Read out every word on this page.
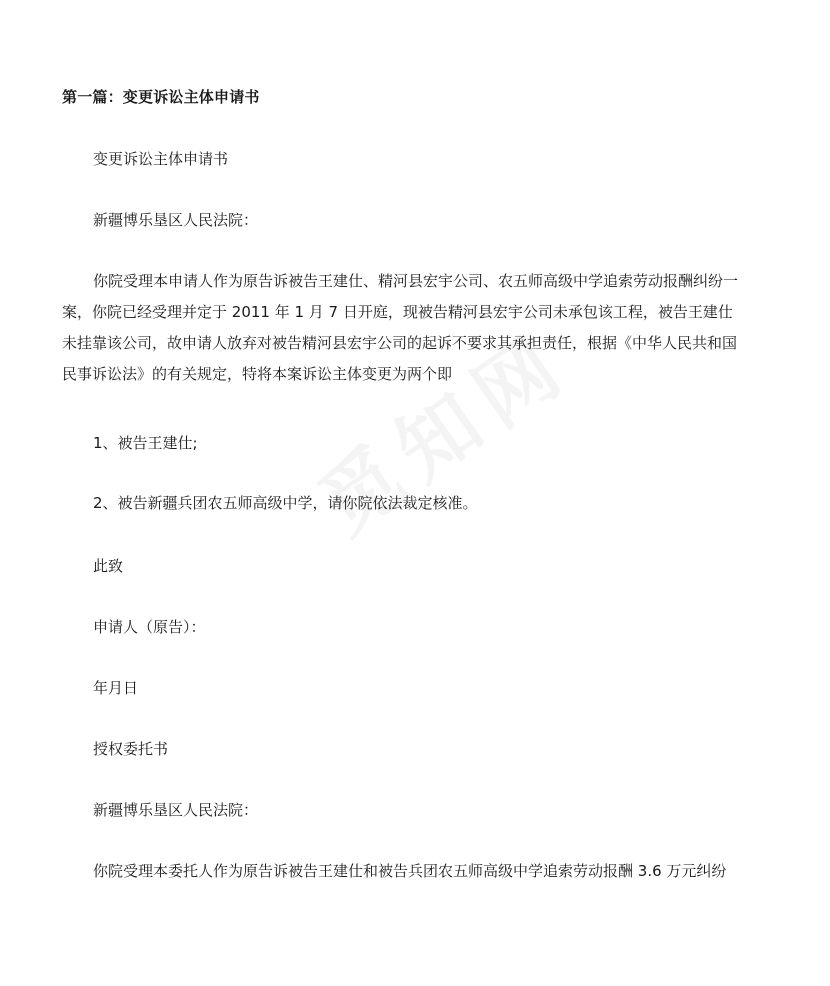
第一篇：变更诉讼主体申请书
变更诉讼主体申请书
新疆博乐垦区人民法院：
你院受理本申请人作为原告诉被告王建仕、精河县宏宇公司、农五师高级中学追索劳动报酬纠纷一
案，你院已经受理并定于 2011 年 1 月 7 日开庭，现被告精河县宏宇公司未承包该工程，被告王建仕
未挂靠该公司，故申请人放弃对被告精河县宏宇公司的起诉不要求其承担责任，根据《中华人民共和国
民事诉讼法》的有关规定，特将本案诉讼主体变更为两个即
1、被告王建仕;
2、被告新疆兵团农五师高级中学，请你院依法裁定核准。
此致
申请人（原告）：
年月日
授权委托书
新疆博乐垦区人民法院：
你院受理本委托人作为原告诉被告王建仕和被告兵团农五师高级中学追索劳动报酬 3.6 万元纠纷
